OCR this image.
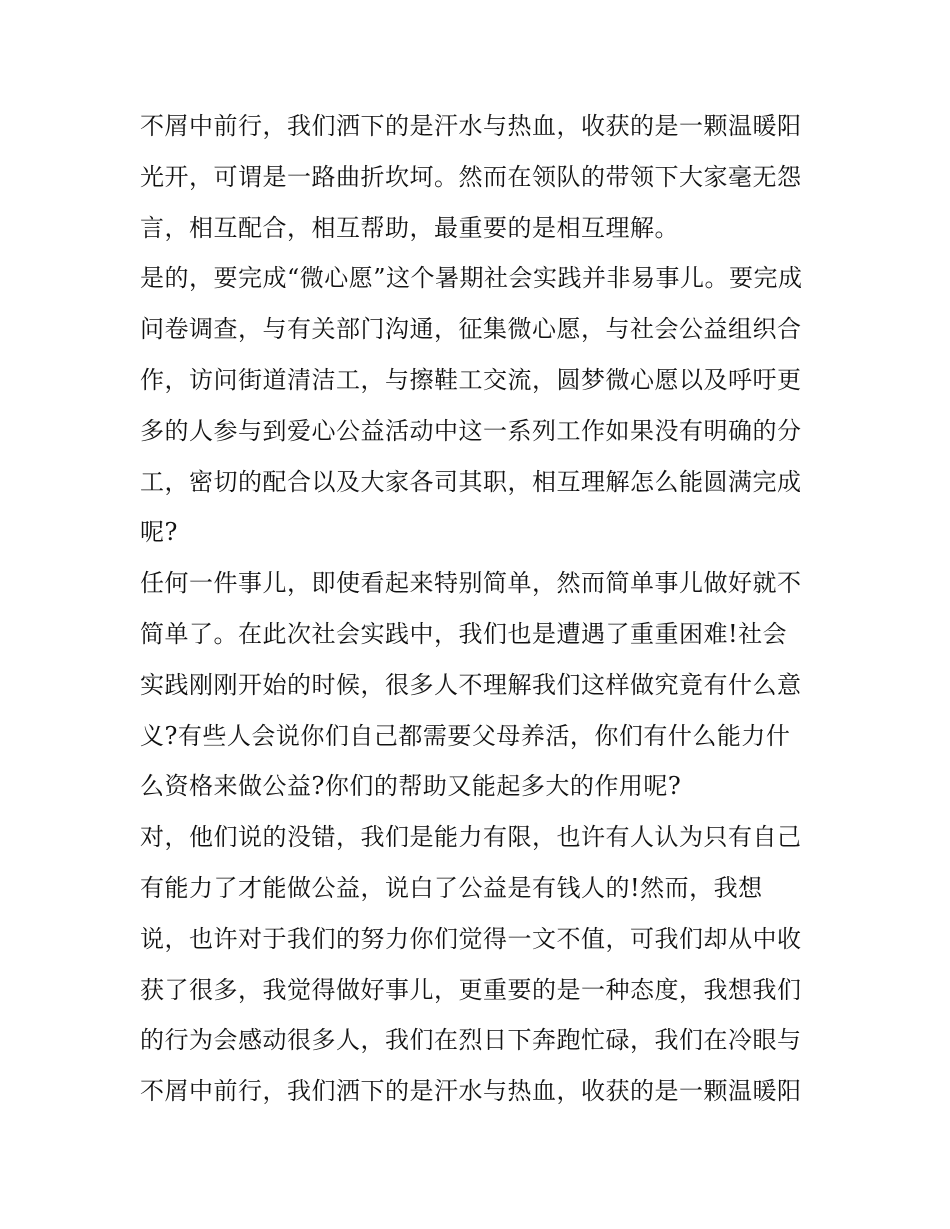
不屑中前行，我们洒下的是汗水与热血，收获的是一颗温暖阳
光开，可谓是一路曲折坎坷。然而在领队的带领下大家毫无怨
言，相互配合，相互帮助，最重要的是相互理解。
是的，要完成“微心愿”这个暑期社会实践并非易事儿。要完成
问卷调查，与有关部门沟通，征集微心愿，与社会公益组织合
作，访问街道清洁工，与擦鞋工交流，圆梦微心愿以及呼吁更
多的人参与到爱心公益活动中这一系列工作如果没有明确的分
工，密切的配合以及大家各司其职，相互理解怎么能圆满完成
呢?
任何一件事儿，即使看起来特别简单，然而简单事儿做好就不
简单了。在此次社会实践中，我们也是遭遇了重重困难!社会
实践刚刚开始的时候，很多人不理解我们这样做究竟有什么意
义?有些人会说你们自己都需要父母养活，你们有什么能力什
么资格来做公益?你们的帮助又能起多大的作用呢?
对，他们说的没错，我们是能力有限，也许有人认为只有自己
有能力了才能做公益，说白了公益是有钱人的!然而，我想
说，也许对于我们的努力你们觉得一文不值，可我们却从中收
获了很多，我觉得做好事儿，更重要的是一种态度，我想我们
的行为会感动很多人，我们在烈日下奔跑忙碌，我们在冷眼与
不屑中前行，我们洒下的是汗水与热血，收获的是一颗温暖阳
